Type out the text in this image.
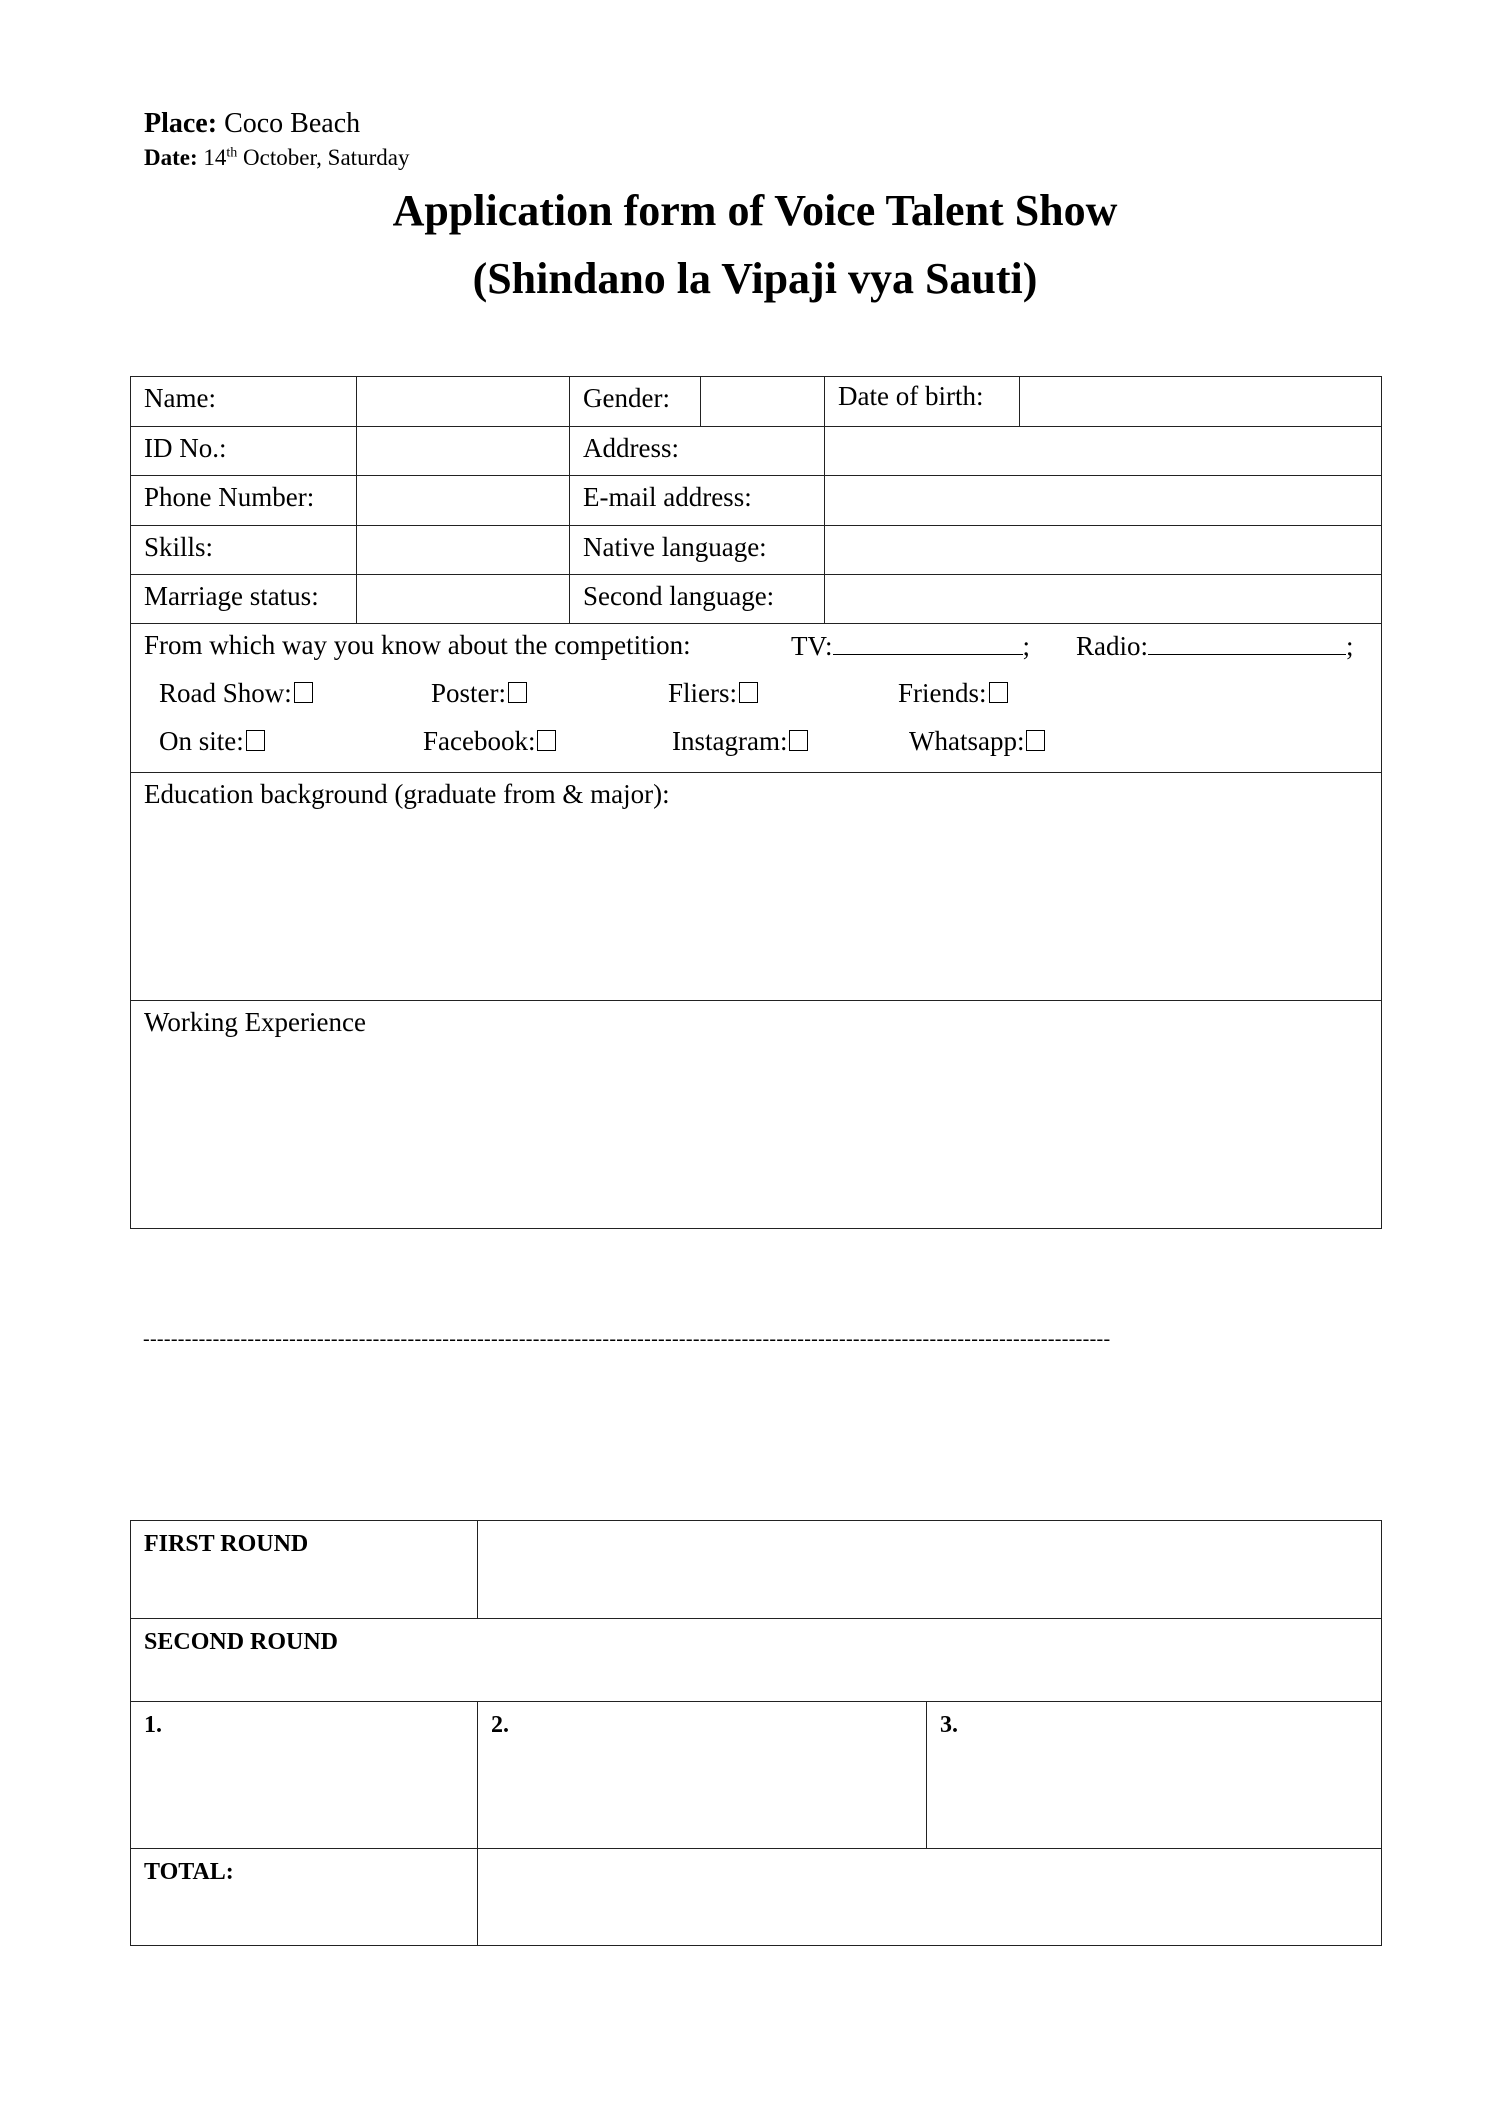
Place: Coco Beach
Date: 14th October, Saturday
Application form of Voice Talent Show
(Shindano la Vipaji vya Sauti)
Name:	Gender:	Date of birth:
ID No.:	Address:
Phone Number:	E-mail address:
Skills:	Native language:
Marriage status:	Second language:
From which way you know about the competition:	TV:	; Radio:	;
Road Show:	Poster:	Fliers:	Friends:
On site:	Facebook:	Instagram:	Whatsapp:
Education background (graduate from & major):
Working Experience
-------------------------------------------------------------------------------------------------------------------------------------------
FIRST ROUND
SECOND ROUND
1.	2.	3.
TOTAL:
